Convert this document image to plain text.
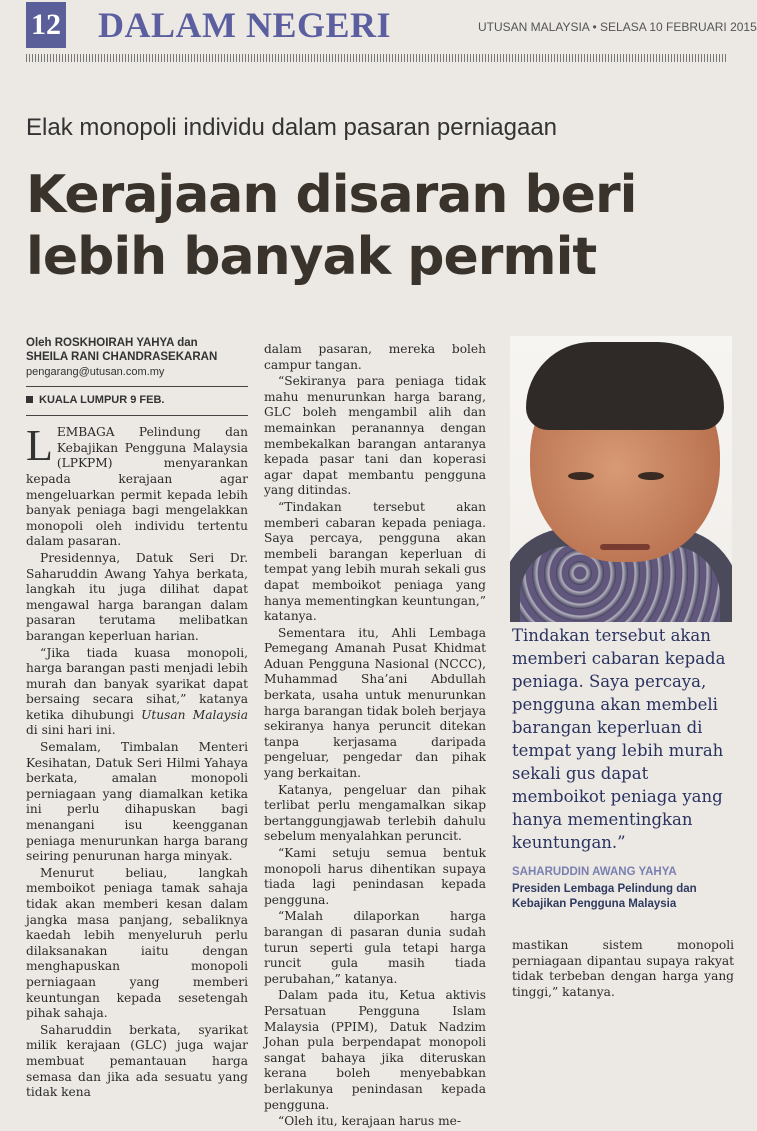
12 DALAM NEGERI	UTUSAN MALAYSIA • SELASA 10 FEBRUARI 2015
Elak monopoli individu dalam pasaran perniagaan
Kerajaan disaran beri
lebih banyak permit
Oleh ROSKHOIRAH YAHYA dan
SHEILA RANI CHANDRASEKARAN
pengarang@utusan.com.my
KUALA LUMPUR 9 FEB.

LEMBAGA Pelindung dan Kebajikan Pengguna Malaysia (LPKPM) menyarankan kepada kerajaan agar mengeluarkan permit kepada lebih banyak peniaga bagi mengelakkan monopoli oleh individu tertentu dalam pasaran.

Presidennya, Datuk Seri Dr. Saharuddin Awang Yahya berkata, langkah itu juga dilihat dapat mengawal harga barangan dalam pasaran terutama melibatkan barangan keperluan harian.

“Jika tiada kuasa monopoli, harga barangan pasti menjadi lebih murah dan banyak syarikat dapat bersaing secara sihat,” katanya ketika dihubungi Utusan Malaysia di sini hari ini.

Semalam, Timbalan Menteri Kesihatan, Datuk Seri Hilmi Yahaya berkata, amalan monopoli perniagaan yang diamalkan ketika ini perlu dihapuskan bagi menangani isu keengganan peniaga menurunkan harga barang seiring penurunan harga minyak.

Menurut beliau, langkah memboikot peniaga tamak sahaja tidak akan memberi kesan dalam jangka masa panjang, sebaliknya kaedah lebih menyeluruh perlu dilaksanakan iaitu dengan menghapuskan monopoli perniagaan yang memberi keuntungan kepada sesetengah pihak sahaja.

Saharuddin berkata, syarikat milik kerajaan (GLC) juga wajar membuat pemantauan harga semasa dan jika ada sesuatu yang tidak kena

dalam pasaran, mereka boleh campur tangan.

“Sekiranya para peniaga tidak mahu menurunkan harga barang, GLC boleh mengambil alih dan memainkan peranannya dengan membekalkan barangan antaranya kepada pasar tani dan koperasi agar dapat membantu pengguna yang ditindas.

“Tindakan tersebut akan memberi cabaran kepada peniaga. Saya percaya, pengguna akan membeli barangan keperluan di tempat yang lebih murah sekali gus dapat memboikot peniaga yang hanya mementingkan keuntungan,” katanya.

Sementara itu, Ahli Lembaga Pemegang Amanah Pusat Khidmat Aduan Pengguna Nasional (NCCC), Muhammad Sha’ani Abdullah berkata, usaha untuk menurunkan harga barangan tidak boleh berjaya sekiranya hanya peruncit ditekan tanpa kerjasama daripada pengeluar, pengedar dan pihak yang berkaitan.

Katanya, pengeluar dan pihak terlibat perlu mengamalkan sikap bertanggungjawab terlebih dahulu sebelum menyalahkan peruncit.

“Kami setuju semua bentuk monopoli harus dihentikan supaya tiada lagi penindasan kepada pengguna.

“Malah dilaporkan harga barangan di pasaran dunia sudah turun seperti gula tetapi harga runcit gula masih tiada perubahan,” katanya.

Dalam pada itu, Ketua aktivis Persatuan Pengguna Islam Malaysia (PPIM), Datuk Nadzim Johan pula berpendapat monopoli sangat bahaya jika diteruskan kerana boleh menyebabkan berlakunya penindasan kepada pengguna.

“Oleh itu, kerajaan harus me-

Tindakan tersebut akan memberi cabaran kepada peniaga. Saya percaya, pengguna akan membeli barangan keperluan di tempat yang lebih murah sekali gus dapat memboikot peniaga yang hanya mementingkan keuntungan.”
SAHARUDDIN AWANG YAHYA
Presiden Lembaga Pelindung dan Kebajikan Pengguna Malaysia

mastikan sistem monopoli perniagaan dipantau supaya rakyat tidak terbeban dengan harga yang tinggi,” katanya.
